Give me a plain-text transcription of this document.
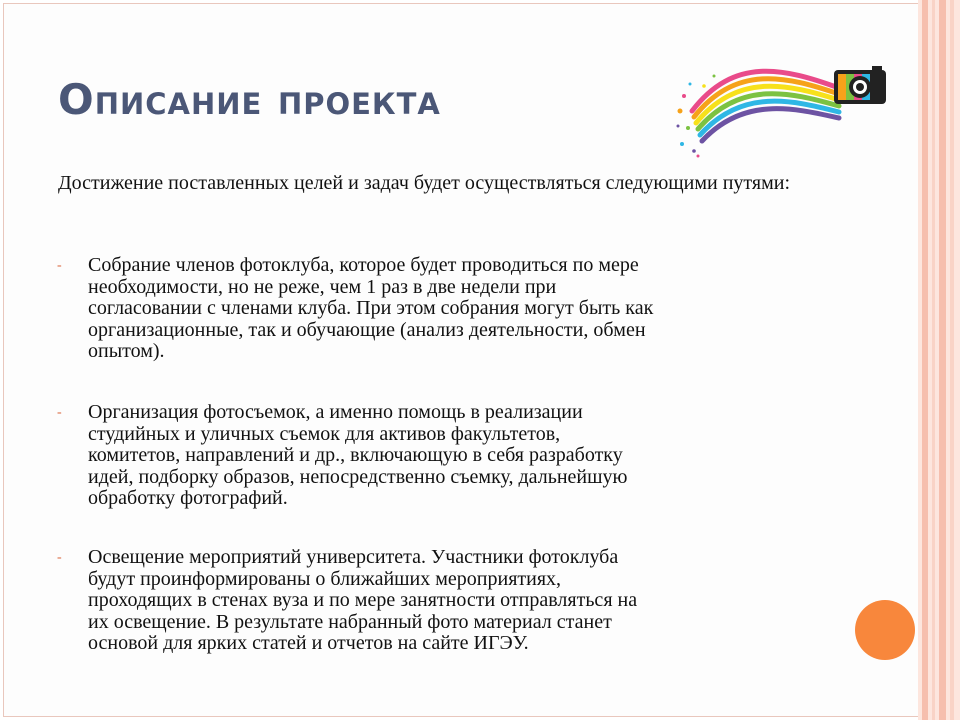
Описание проекта

Достижение поставленных целей и задач будет осуществляться следующими путями:

- Собрание членов фотоклуба, которое будет проводиться по мере
необходимости, но не реже, чем 1 раз в две недели при
согласовании с членами клуба. При этом собрания могут быть как
организационные, так и обучающие (анализ деятельности, обмен
опытом).
- Организация фотосъемок, а именно помощь в реализации
студийных и уличных съемок для активов факультетов,
комитетов, направлений и др., включающую в себя разработку
идей, подборку образов, непосредственно съемку, дальнейшую
обработку фотографий.
- Освещение мероприятий университета. Участники фотоклуба
будут проинформированы о ближайших мероприятиях,
проходящих в стенах вуза и по мере занятности отправляться на
их освещение. В результате набранный фото материал станет
основой для ярких статей и отчетов на сайте ИГЭУ.
